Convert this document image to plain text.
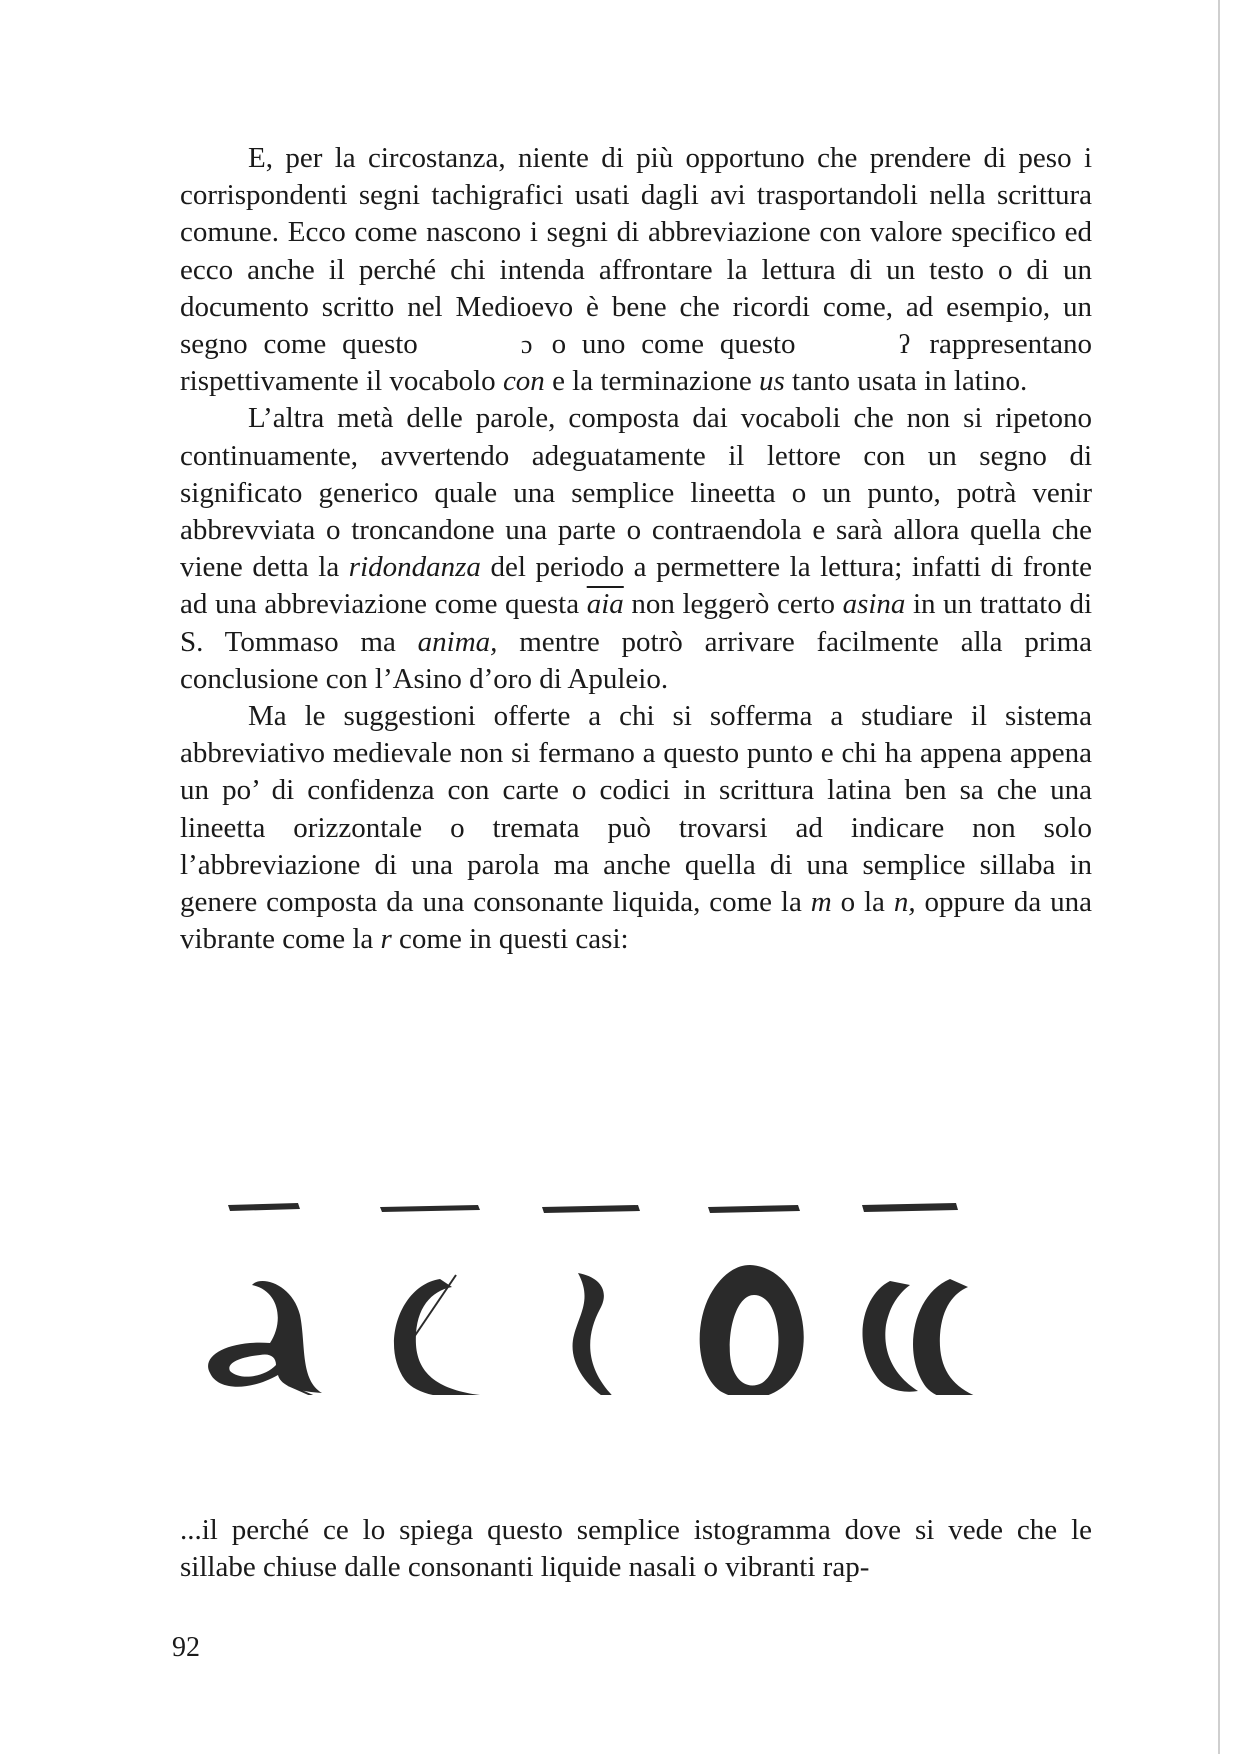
E, per la circostanza, niente di più opportuno che prendere di peso i corrispondenti segni tachigrafici usati dagli avi trasportandoli nella scrittura comune. Ecco come nascono i segni di abbreviazione con valore specifico ed ecco anche il perché chi intenda affrontare la lettura di un testo o di un documento scritto nel Medioevo è bene che ricordi come, ad esempio, un segno come questo	ɔ o uno come questo	ʔ rappresentano rispettivamente il vocabolo con e la terminazione us tanto usata in latino.

L’altra metà delle parole, composta dai vocaboli che non si ripetono continuamente, avvertendo adeguatamente il lettore con un segno di significato generico quale una semplice lineetta o un punto, potrà venir abbrevviata o troncandone una parte o contraendola e sarà allora quella che viene detta la ridondanza del periodo a permettere la lettura; infatti di fronte ad una abbreviazione come questa $\overline{aia}$ non leggerò certo asina in un trattato di S. Tommaso ma anima, mentre potrò arrivare facilmente alla prima conclusione con l’Asino d’oro di Apuleio.

Ma le suggestioni offerte a chi si sofferma a studiare il sistema abbreviativo medievale non si fermano a questo punto e chi ha appena appena un po’ di confidenza con carte o codici in scrittura latina ben sa che una lineetta orizzontale o tremata può trovarsi ad indicare non solo l’abbreviazione di una parola ma anche quella di una semplice sillaba in genere composta da una consonante liquida, come la m o la n, oppure da una vibrante come la r come in questi casi:

...il perché ce lo spiega questo semplice istogramma dove si vede che le sillabe chiuse dalle consonanti liquide nasali o vibranti rap-

92
